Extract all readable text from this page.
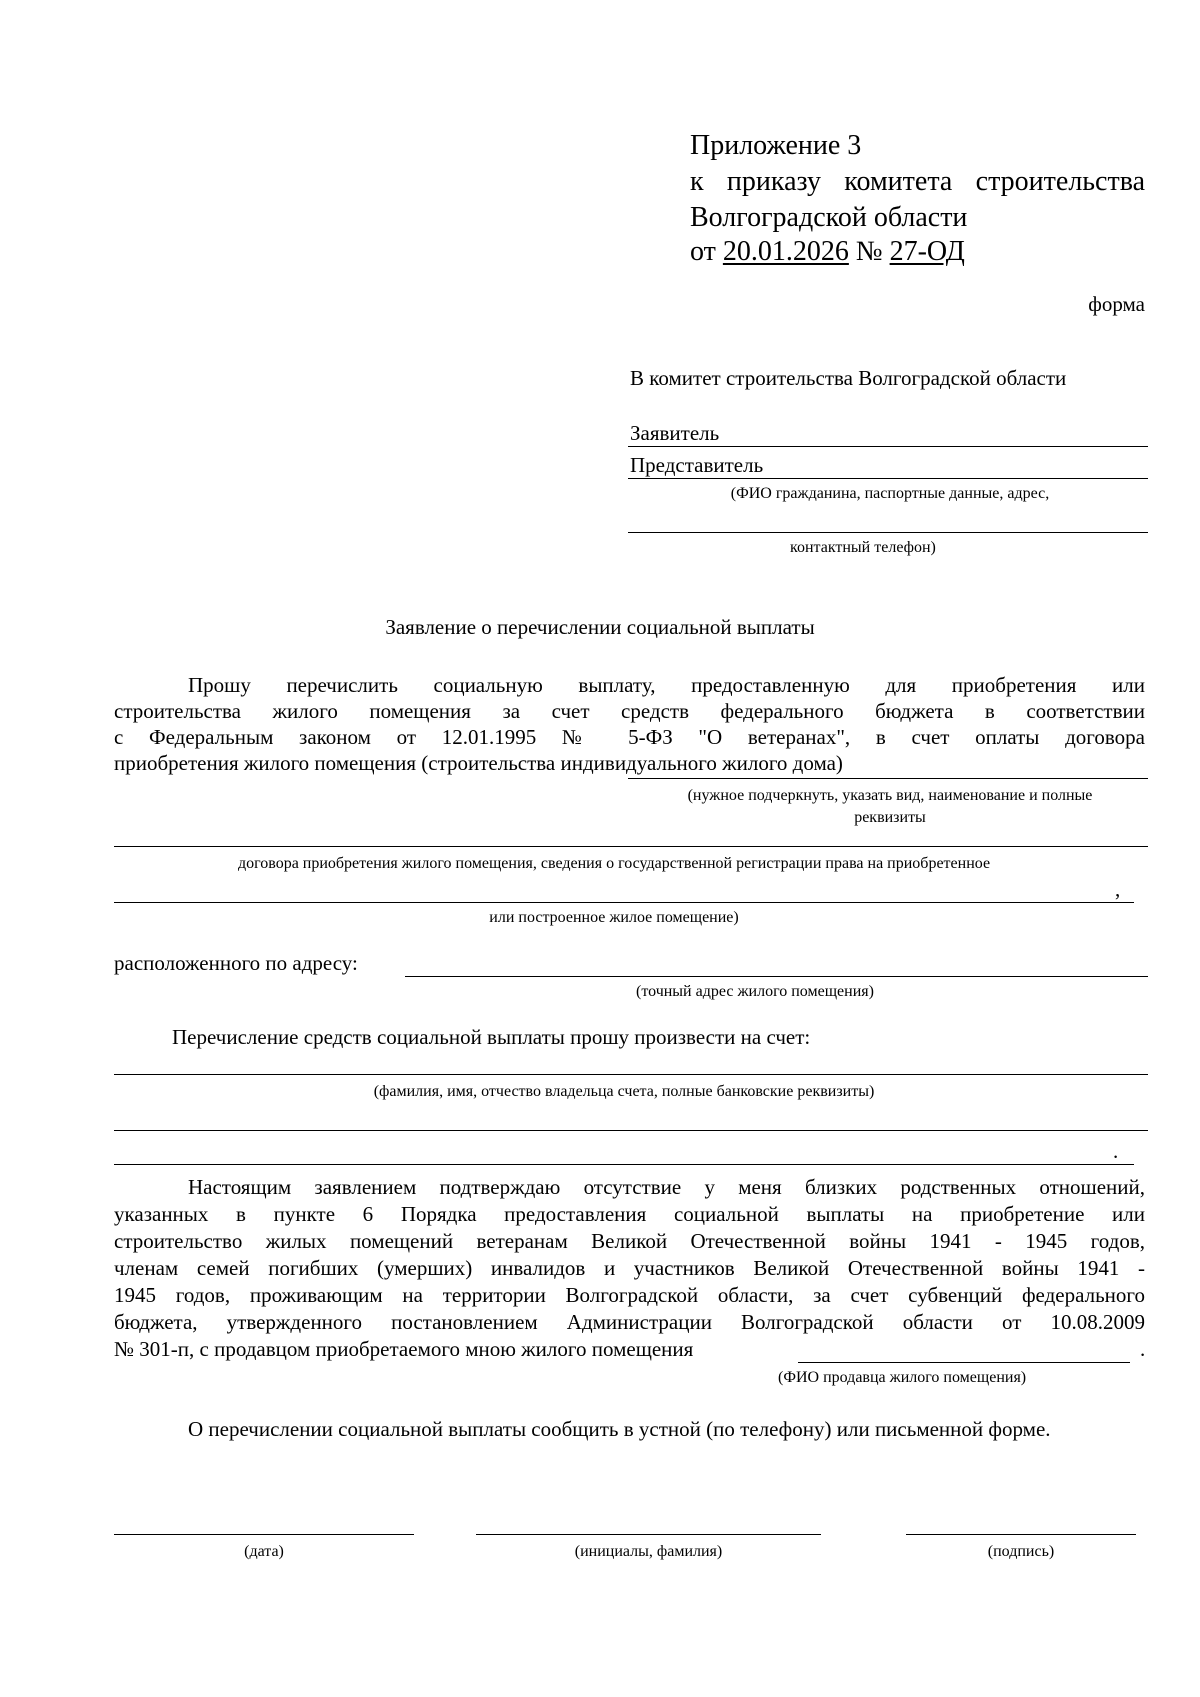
Приложение 3
к приказу комитета строительства
Волгоградской области
от 20.01.2026 № 27-ОД
форма
В комитет строительства Волгоградской области
Заявитель
Представитель
(ФИО гражданина, паспортные данные, адрес,
контактный телефон)
Заявление о перечислении социальной выплаты
Прошу перечислить социальную выплату, предоставленную для приобретения или
строительства жилого помещения за счет средств федерального бюджета в соответствии
с Федеральным законом от 12.01.1995 № 5-ФЗ "О ветеранах", в счет оплаты договора
приобретения жилого помещения (строительства индивидуального жилого дома)
(нужное подчеркнуть, указать вид, наименование и полные
реквизиты
договора приобретения жилого помещения, сведения о государственной регистрации права на приобретенное
,
или построенное жилое помещение)
расположенного по адресу:
(точный адрес жилого помещения)
Перечисление средств социальной выплаты прошу произвести на счет:
(фамилия, имя, отчество владельца счета, полные банковские реквизиты)
.
Настоящим заявлением подтверждаю отсутствие у меня близких родственных отношений,
указанных в пункте 6 Порядка предоставления социальной выплаты на приобретение или
строительство жилых помещений ветеранам Великой Отечественной войны 1941 - 1945 годов,
членам семей погибших (умерших) инвалидов и участников Великой Отечественной войны 1941 -
1945 годов, проживающим на территории Волгоградской области, за счет субвенций федерального
бюджета, утвержденного постановлением Администрации Волгоградской области от 10.08.2009
№ 301-п, с продавцом приобретаемого мною жилого помещения	.
(ФИО продавца жилого помещения)
О перечислении социальной выплаты сообщить в устной (по телефону) или письменной форме.
(дата)	(инициалы, фамилия)	(подпись)
